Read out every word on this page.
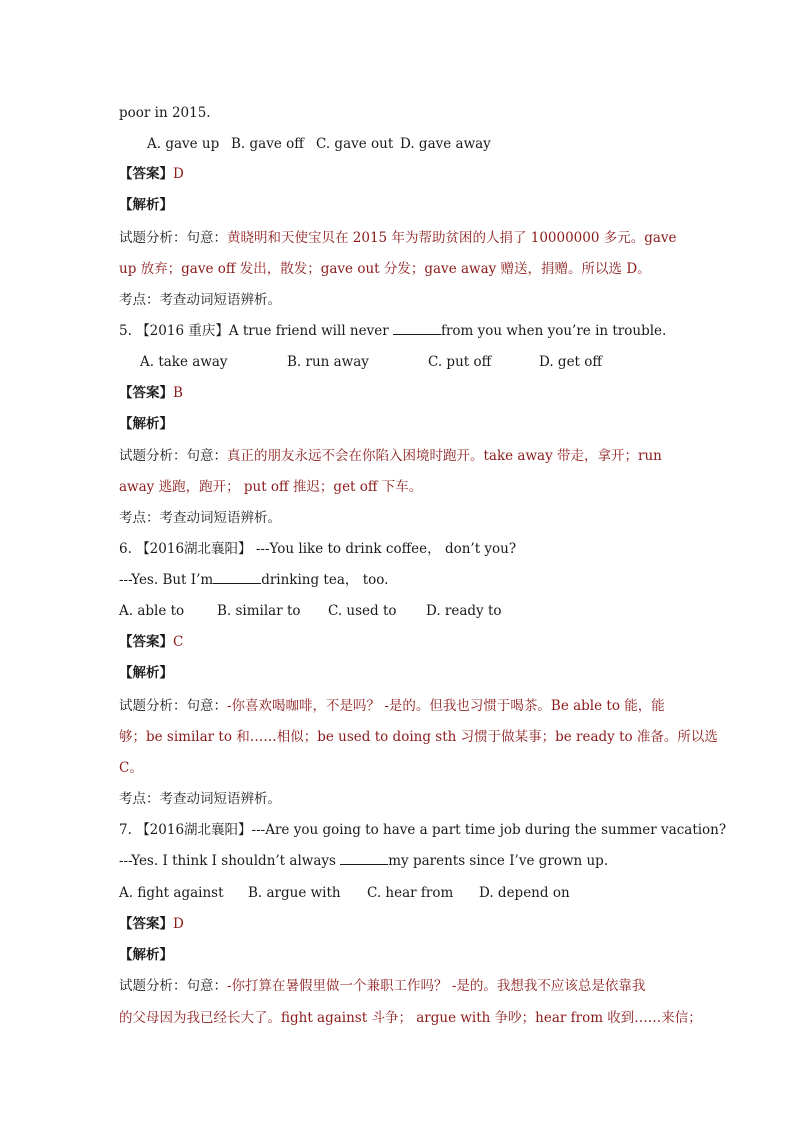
poor in 2015.
A. gave up B. gave off C. gave out D. gave away
【答案】D
【解析】
试题分析：句意：黄晓明和天使宝贝在 2015 年为帮助贫困的人捐了 10000000 多元。gave
up 放弃；gave off 发出，散发；gave out 分发；gave away 赠送，捐赠。所以选 D。
考点：考查动词短语辨析。
5. 【2016 重庆】A true friend will never	from you when you’re in trouble.
A. take away	B. run away	C. put off	D. get off
【答案】B
【解析】
试题分析：句意：真正的朋友永远不会在你陷入困境时跑开。take away 带走，拿开；run
away 逃跑，跑开； put off 推迟；get off 下车。
考点：考查动词短语辨析。
6. 【2016湖北襄阳】 ---You like to drink coffee， don’t you?
---Yes. But I’m	drinking tea， too.
A. able to B. similar to C. used to D. ready to
【答案】C
【解析】
试题分析：句意：-你喜欢喝咖啡，不是吗？ -是的。但我也习惯于喝茶。Be able to 能，能
够；be similar to 和……相似；be used to doing sth 习惯于做某事；be ready to 准备。所以选
C。
考点：考查动词短语辨析。
7. 【2016湖北襄阳】---Are you going to have a part time job during the summer vacation?
---Yes. I think I shouldn’t always	my parents since I’ve grown up.
A. fight against B. argue with C. hear from D. depend on
【答案】D
【解析】
试题分析：句意：-你打算在暑假里做一个兼职工作吗？ -是的。我想我不应该总是依靠我
的父母因为我已经长大了。fight against 斗争； argue with 争吵；hear from 收到……来信；
